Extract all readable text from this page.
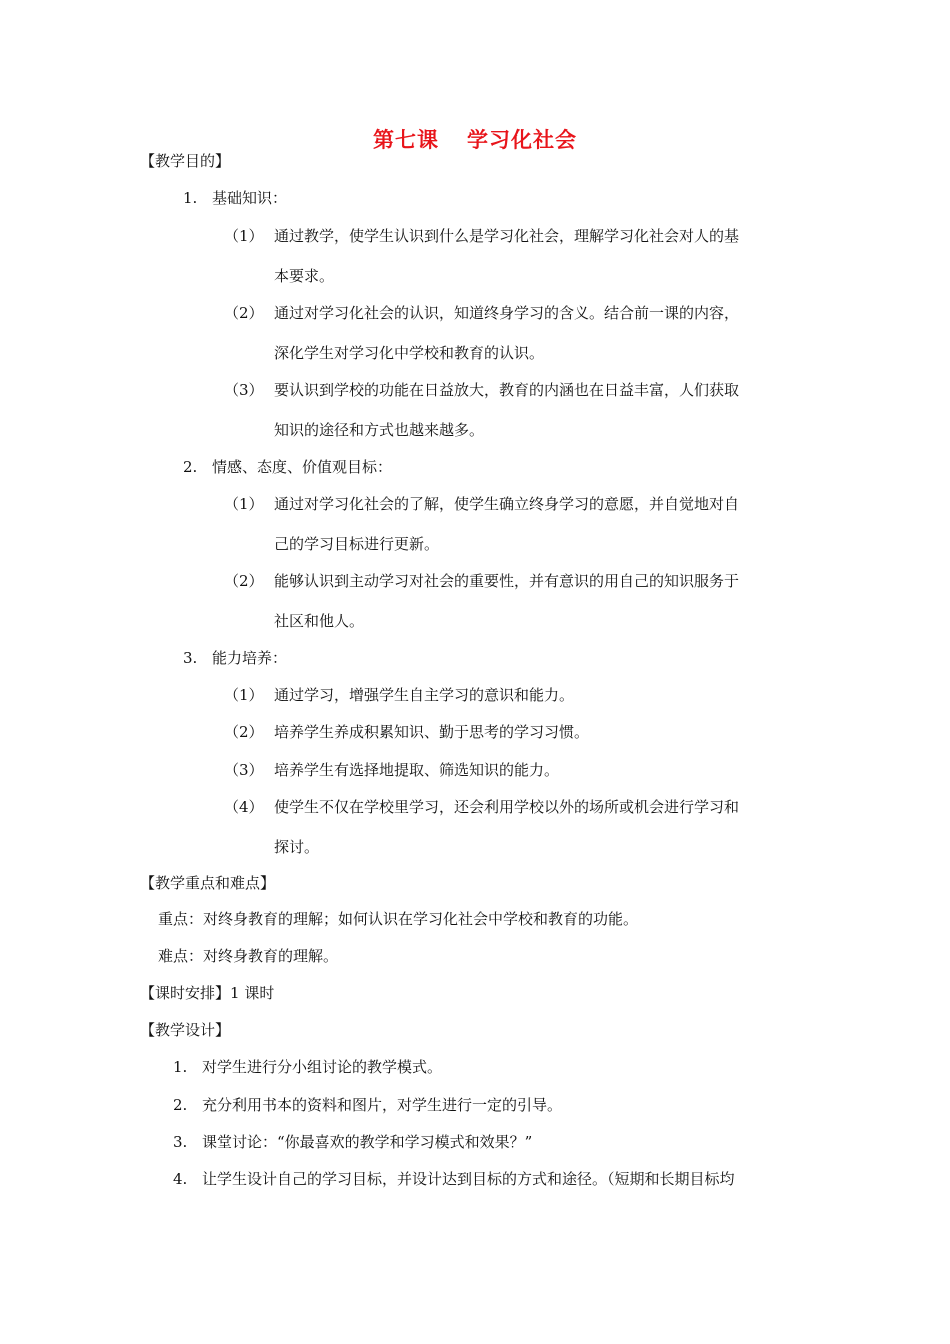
第七课 学习化社会
【教学目的】
1. 基础知识：
（1） 通过教学，使学生认识到什么是学习化社会，理解学习化社会对人的基
本要求。
（2） 通过对学习化社会的认识，知道终身学习的含义。结合前一课的内容，
深化学生对学习化中学校和教育的认识。
（3） 要认识到学校的功能在日益放大，教育的内涵也在日益丰富，人们获取
知识的途径和方式也越来越多。
2. 情感、态度、价值观目标：
（1） 通过对学习化社会的了解，使学生确立终身学习的意愿，并自觉地对自
己的学习目标进行更新。
（2） 能够认识到主动学习对社会的重要性，并有意识的用自己的知识服务于
社区和他人。
3. 能力培养：
（1） 通过学习，增强学生自主学习的意识和能力。
（2） 培养学生养成积累知识、勤于思考的学习习惯。
（3） 培养学生有选择地提取、筛选知识的能力。
（4） 使学生不仅在学校里学习，还会利用学校以外的场所或机会进行学习和
探讨。
【教学重点和难点】
重点：对终身教育的理解；如何认识在学习化社会中学校和教育的功能。
难点：对终身教育的理解。
【课时安排】1 课时
【教学设计】
1. 对学生进行分小组讨论的教学模式。
2. 充分利用书本的资料和图片，对学生进行一定的引导。
3. 课堂讨论：“你最喜欢的教学和学习模式和效果？”
4. 让学生设计自己的学习目标，并设计达到目标的方式和途径。（短期和长期目标均
